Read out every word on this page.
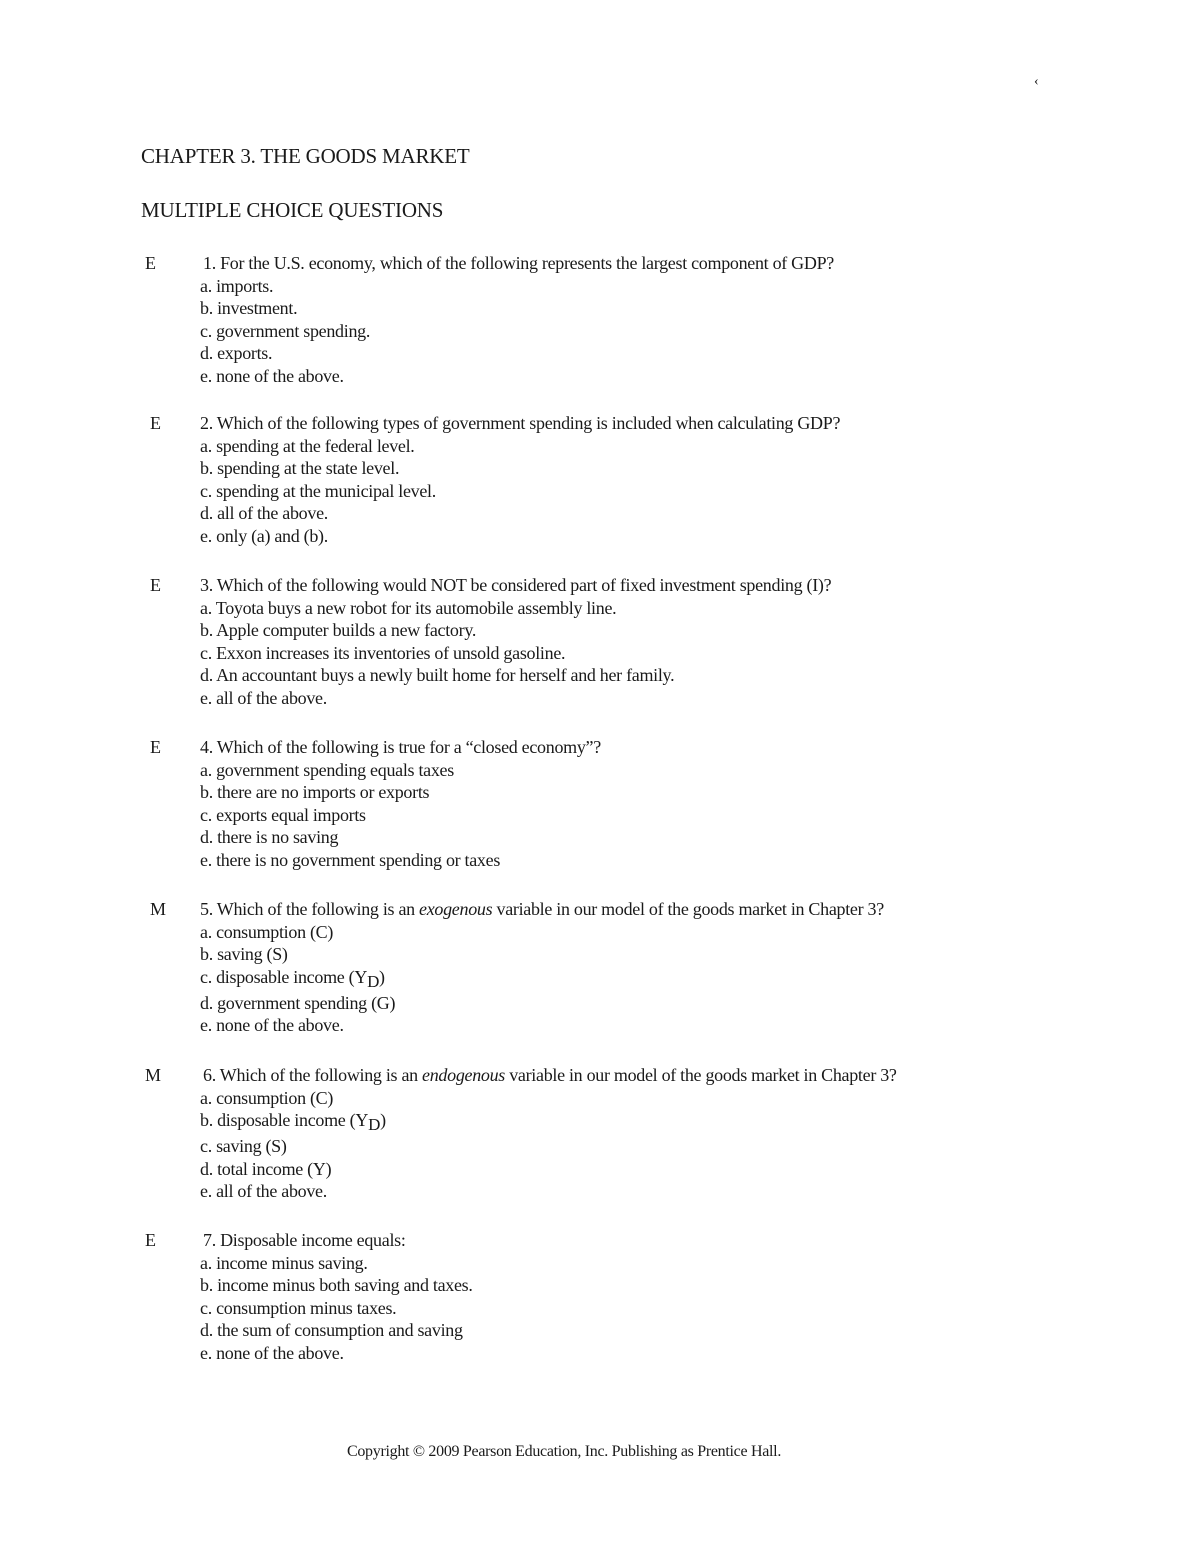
‹
CHAPTER 3. THE GOODS MARKET
MULTIPLE CHOICE QUESTIONS
E	1. For the U.S. economy, which of the following represents the largest component of GDP?
a. imports.
b. investment.
c. government spending.
d. exports.
e. none of the above.
E	2. Which of the following types of government spending is included when calculating GDP?
a. spending at the federal level.
b. spending at the state level.
c. spending at the municipal level.
d. all of the above.
e. only (a) and (b).
E	3. Which of the following would NOT be considered part of fixed investment spending (I)?
a. Toyota buys a new robot for its automobile assembly line.
b. Apple computer builds a new factory.
c. Exxon increases its inventories of unsold gasoline.
d. An accountant buys a newly built home for herself and her family.
e. all of the above.
E	4. Which of the following is true for a “closed economy”?
a. government spending equals taxes
b. there are no imports or exports
c. exports equal imports
d. there is no saving
e. there is no government spending or taxes
M 5. Which of the following is an exogenous variable in our model of the goods market in Chapter 3?
a. consumption (C)
b. saving (S)
c. disposable income $(Y_D)$
d. government spending (G)
e. none of the above.
M 6. Which of the following is an endogenous variable in our model of the goods market in Chapter 3?
a. consumption (C)
b. disposable income $(Y_D)$
c. saving (S)
d. total income (Y)
e. all of the above.
E	7. Disposable income equals:
a. income minus saving.
b. income minus both saving and taxes.
c. consumption minus taxes.
d. the sum of consumption and saving
e. none of the above.
Copyright © 2009 Pearson Education, Inc. Publishing as Prentice Hall.
